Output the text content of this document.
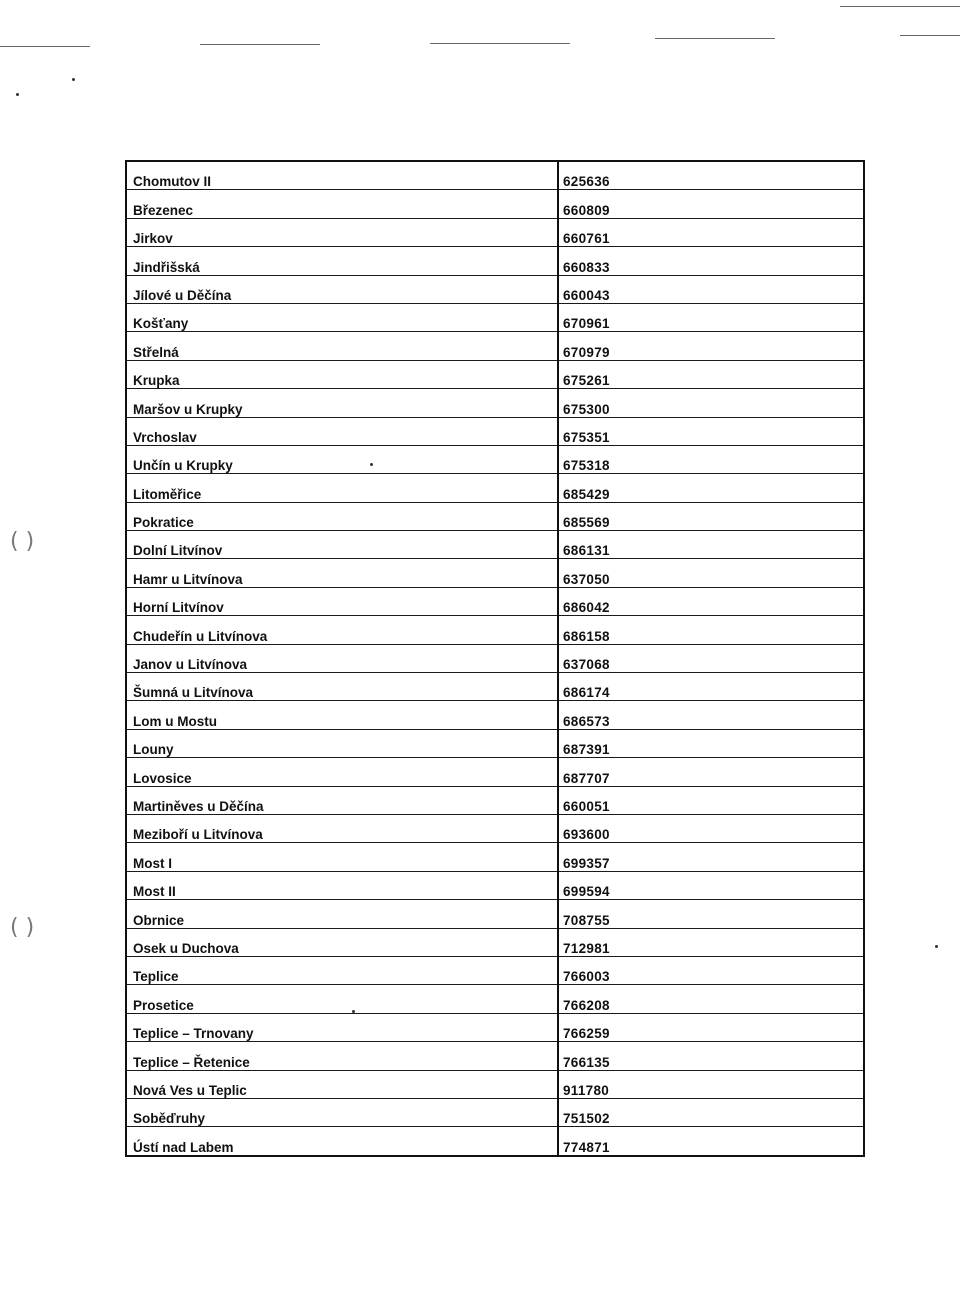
( )
( )
Chomutov II	625636
Březenec	660809
Jirkov	660761
Jindřišská	660833
Jílové u Děčína	660043
Košťany	670961
Střelná	670979
Krupka	675261
Maršov u Krupky	675300
Vrchoslav	675351
Unčín u Krupky	675318
Litoměřice	685429
Pokratice	685569
Dolní Litvínov	686131
Hamr u Litvínova	637050
Horní Litvínov	686042
Chudeřín u Litvínova	686158
Janov u Litvínova	637068
Šumná u Litvínova	686174
Lom u Mostu	686573
Louny	687391
Lovosice	687707
Martiněves u Děčína	660051
Meziboří u Litvínova	693600
Most I	699357
Most II	699594
Obrnice	708755
Osek u Duchova	712981
Teplice	766003
Prosetice	766208
Teplice – Trnovany	766259
Teplice – Řetenice	766135
Nová Ves u Teplic	911780
Soběďruhy	751502
Ústí nad Labem	774871
